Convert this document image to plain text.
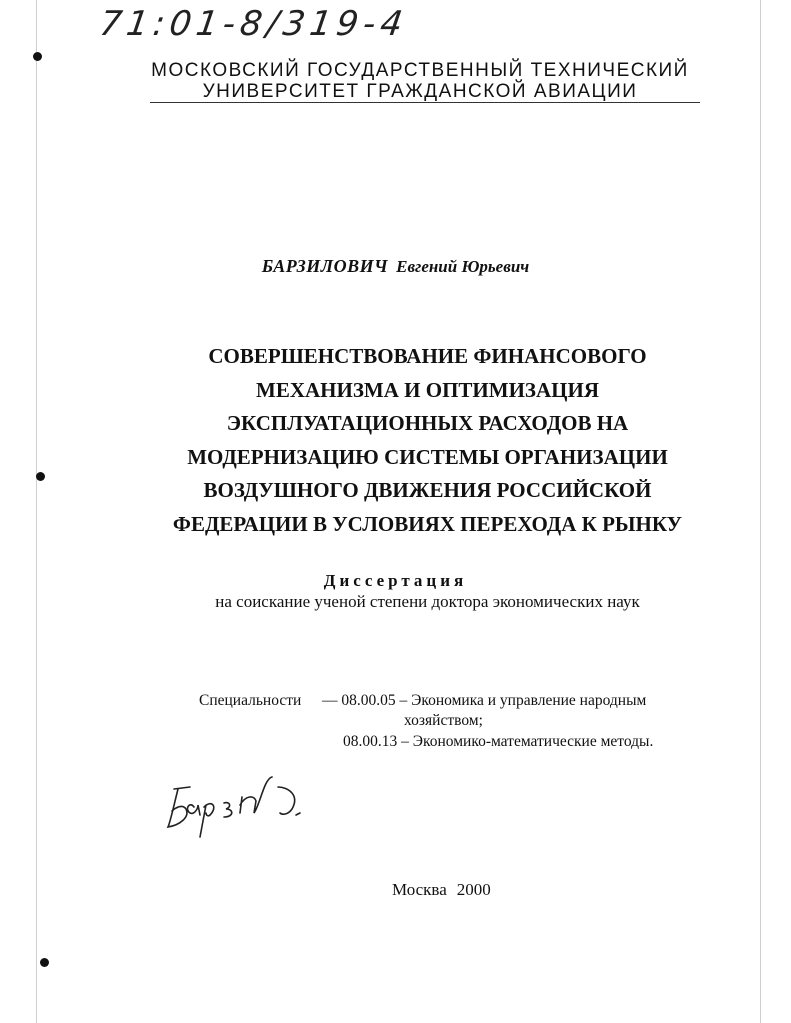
71:01-8/319-4
МОСКОВСКИЙ ГОСУДАРСТВЕННЫЙ ТЕХНИЧЕСКИЙ
УНИВЕРСИТЕТ ГРАЖДАНСКОЙ АВИАЦИИ
БАРЗИЛОВИЧ Евгений Юрьевич
СОВЕРШЕНСТВОВАНИЕ ФИНАНСОВОГО
МЕХАНИЗМА И ОПТИМИЗАЦИЯ
ЭКСПЛУАТАЦИОННЫХ РАСХОДОВ НА
МОДЕРНИЗАЦИЮ СИСТЕМЫ ОРГАНИЗАЦИИ
ВОЗДУШНОГО ДВИЖЕНИЯ РОССИЙСКОЙ
ФЕДЕРАЦИИ В УСЛОВИЯХ ПЕРЕХОДА К РЫНКУ
Диссертация
на соискание ученой степени доктора экономических наук
Специальности — 08.00.05 – Экономика и управление народным
хозяйством;
08.00.13 – Экономико-математические методы.
Москва 2000
